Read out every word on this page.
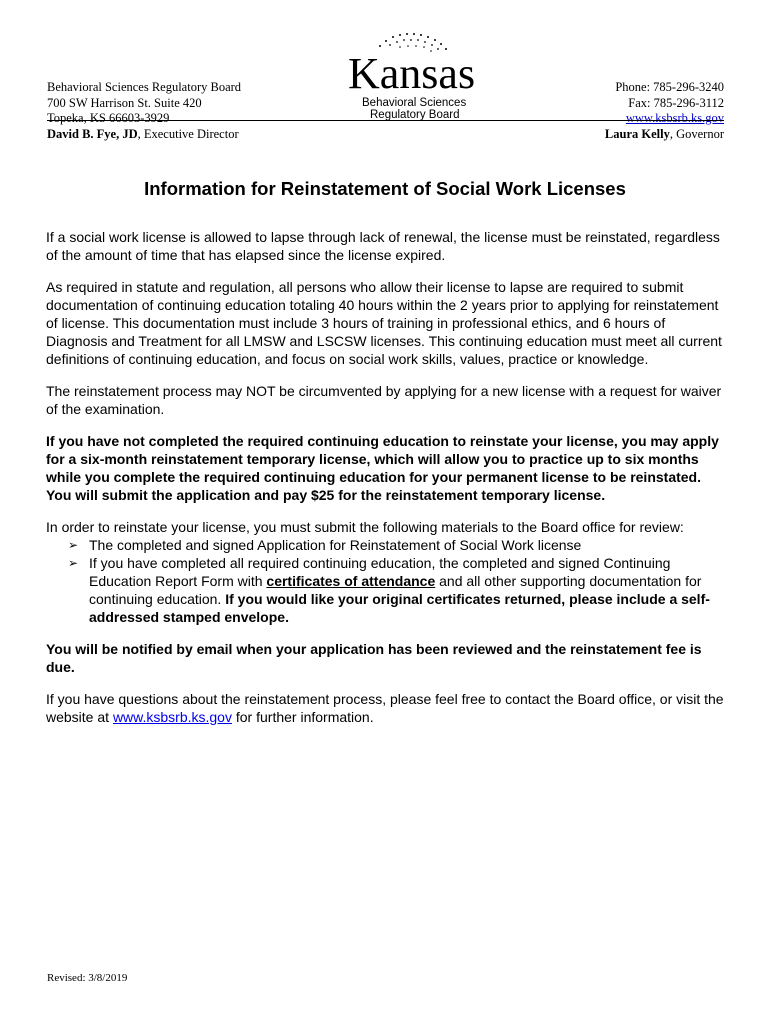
Behavioral Sciences Regulatory Board
700 SW Harrison St. Suite 420
Topeka, KS 66603-3929
David B. Fye, JD, Executive Director
Kansas
Behavioral Sciences
Regulatory Board
Phone: 785-296-3240
Fax: 785-296-3112
www.ksbsrb.ks.gov
Laura Kelly, Governor
Information for Reinstatement of Social Work Licenses

If a social work license is allowed to lapse through lack of renewal, the license must be reinstated, regardless of the amount of time that has elapsed since the license expired.

As required in statute and regulation, all persons who allow their license to lapse are required to submit documentation of continuing education totaling 40 hours within the 2 years prior to applying for reinstatement of license. This documentation must include 3 hours of training in professional ethics, and 6 hours of Diagnosis and Treatment for all LMSW and LSCSW licenses. This continuing education must meet all current definitions of continuing education, and focus on social work skills, values, practice or knowledge.

The reinstatement process may NOT be circumvented by applying for a new license with a request for waiver of the examination.

If you have not completed the required continuing education to reinstate your license, you may apply for a six-month reinstatement temporary license, which will allow you to practice up to six months while you complete the required continuing education for your permanent license to be reinstated. You will submit the application and pay $25 for the reinstatement temporary license.

In order to reinstate your license, you must submit the following materials to the Board office for review:

➢ The completed and signed Application for Reinstatement of Social Work license
➢ If you have completed all required continuing education, the completed and signed Continuing Education Report Form with certificates of attendance and all other supporting documentation for continuing education. If you would like your original certificates returned, please include a self-addressed stamped envelope.

You will be notified by email when your application has been reviewed and the reinstatement fee is due.

If you have questions about the reinstatement process, please feel free to contact the Board office, or visit the website at www.ksbsrb.ks.gov for further information.

Revised: 3/8/2019
